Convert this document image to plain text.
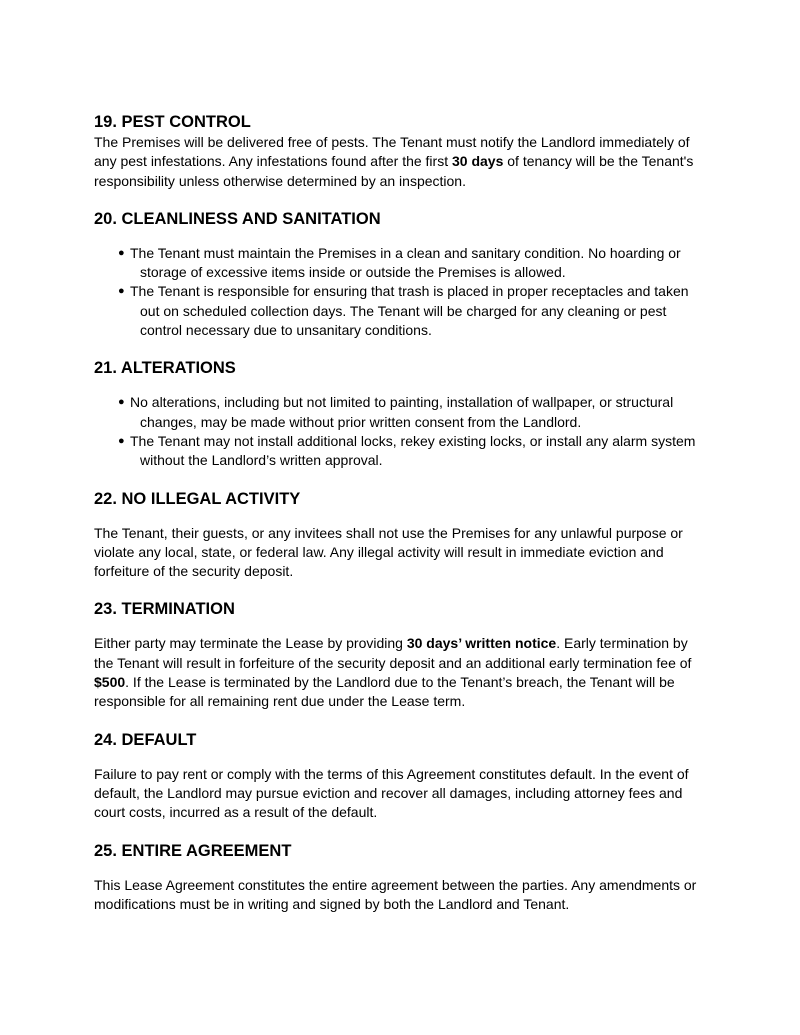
19. PEST CONTROL

The Premises will be delivered free of pests. The Tenant must notify the Landlord immediately of any pest infestations. Any infestations found after the first 30 days of tenancy will be the Tenant's responsibility unless otherwise determined by an inspection.

20. CLEANLINESS AND SANITATION
● The Tenant must maintain the Premises in a clean and sanitary condition. No hoarding or storage of excessive items inside or outside the Premises is allowed.
● The Tenant is responsible for ensuring that trash is placed in proper receptacles and taken out on scheduled collection days. The Tenant will be charged for any cleaning or pest control necessary due to unsanitary conditions.
21. ALTERATIONS
● No alterations, including but not limited to painting, installation of wallpaper, or structural changes, may be made without prior written consent from the Landlord.
● The Tenant may not install additional locks, rekey existing locks, or install any alarm system without the Landlord’s written approval.
22. NO ILLEGAL ACTIVITY

The Tenant, their guests, or any invitees shall not use the Premises for any unlawful purpose or violate any local, state, or federal law. Any illegal activity will result in immediate eviction and forfeiture of the security deposit.

23. TERMINATION

Either party may terminate the Lease by providing 30 days’ written notice. Early termination by the Tenant will result in forfeiture of the security deposit and an additional early termination fee of $500. If the Lease is terminated by the Landlord due to the Tenant’s breach, the Tenant will be responsible for all remaining rent due under the Lease term.

24. DEFAULT

Failure to pay rent or comply with the terms of this Agreement constitutes default. In the event of default, the Landlord may pursue eviction and recover all damages, including attorney fees and court costs, incurred as a result of the default.

25. ENTIRE AGREEMENT

This Lease Agreement constitutes the entire agreement between the parties. Any amendments or modifications must be in writing and signed by both the Landlord and Tenant.
